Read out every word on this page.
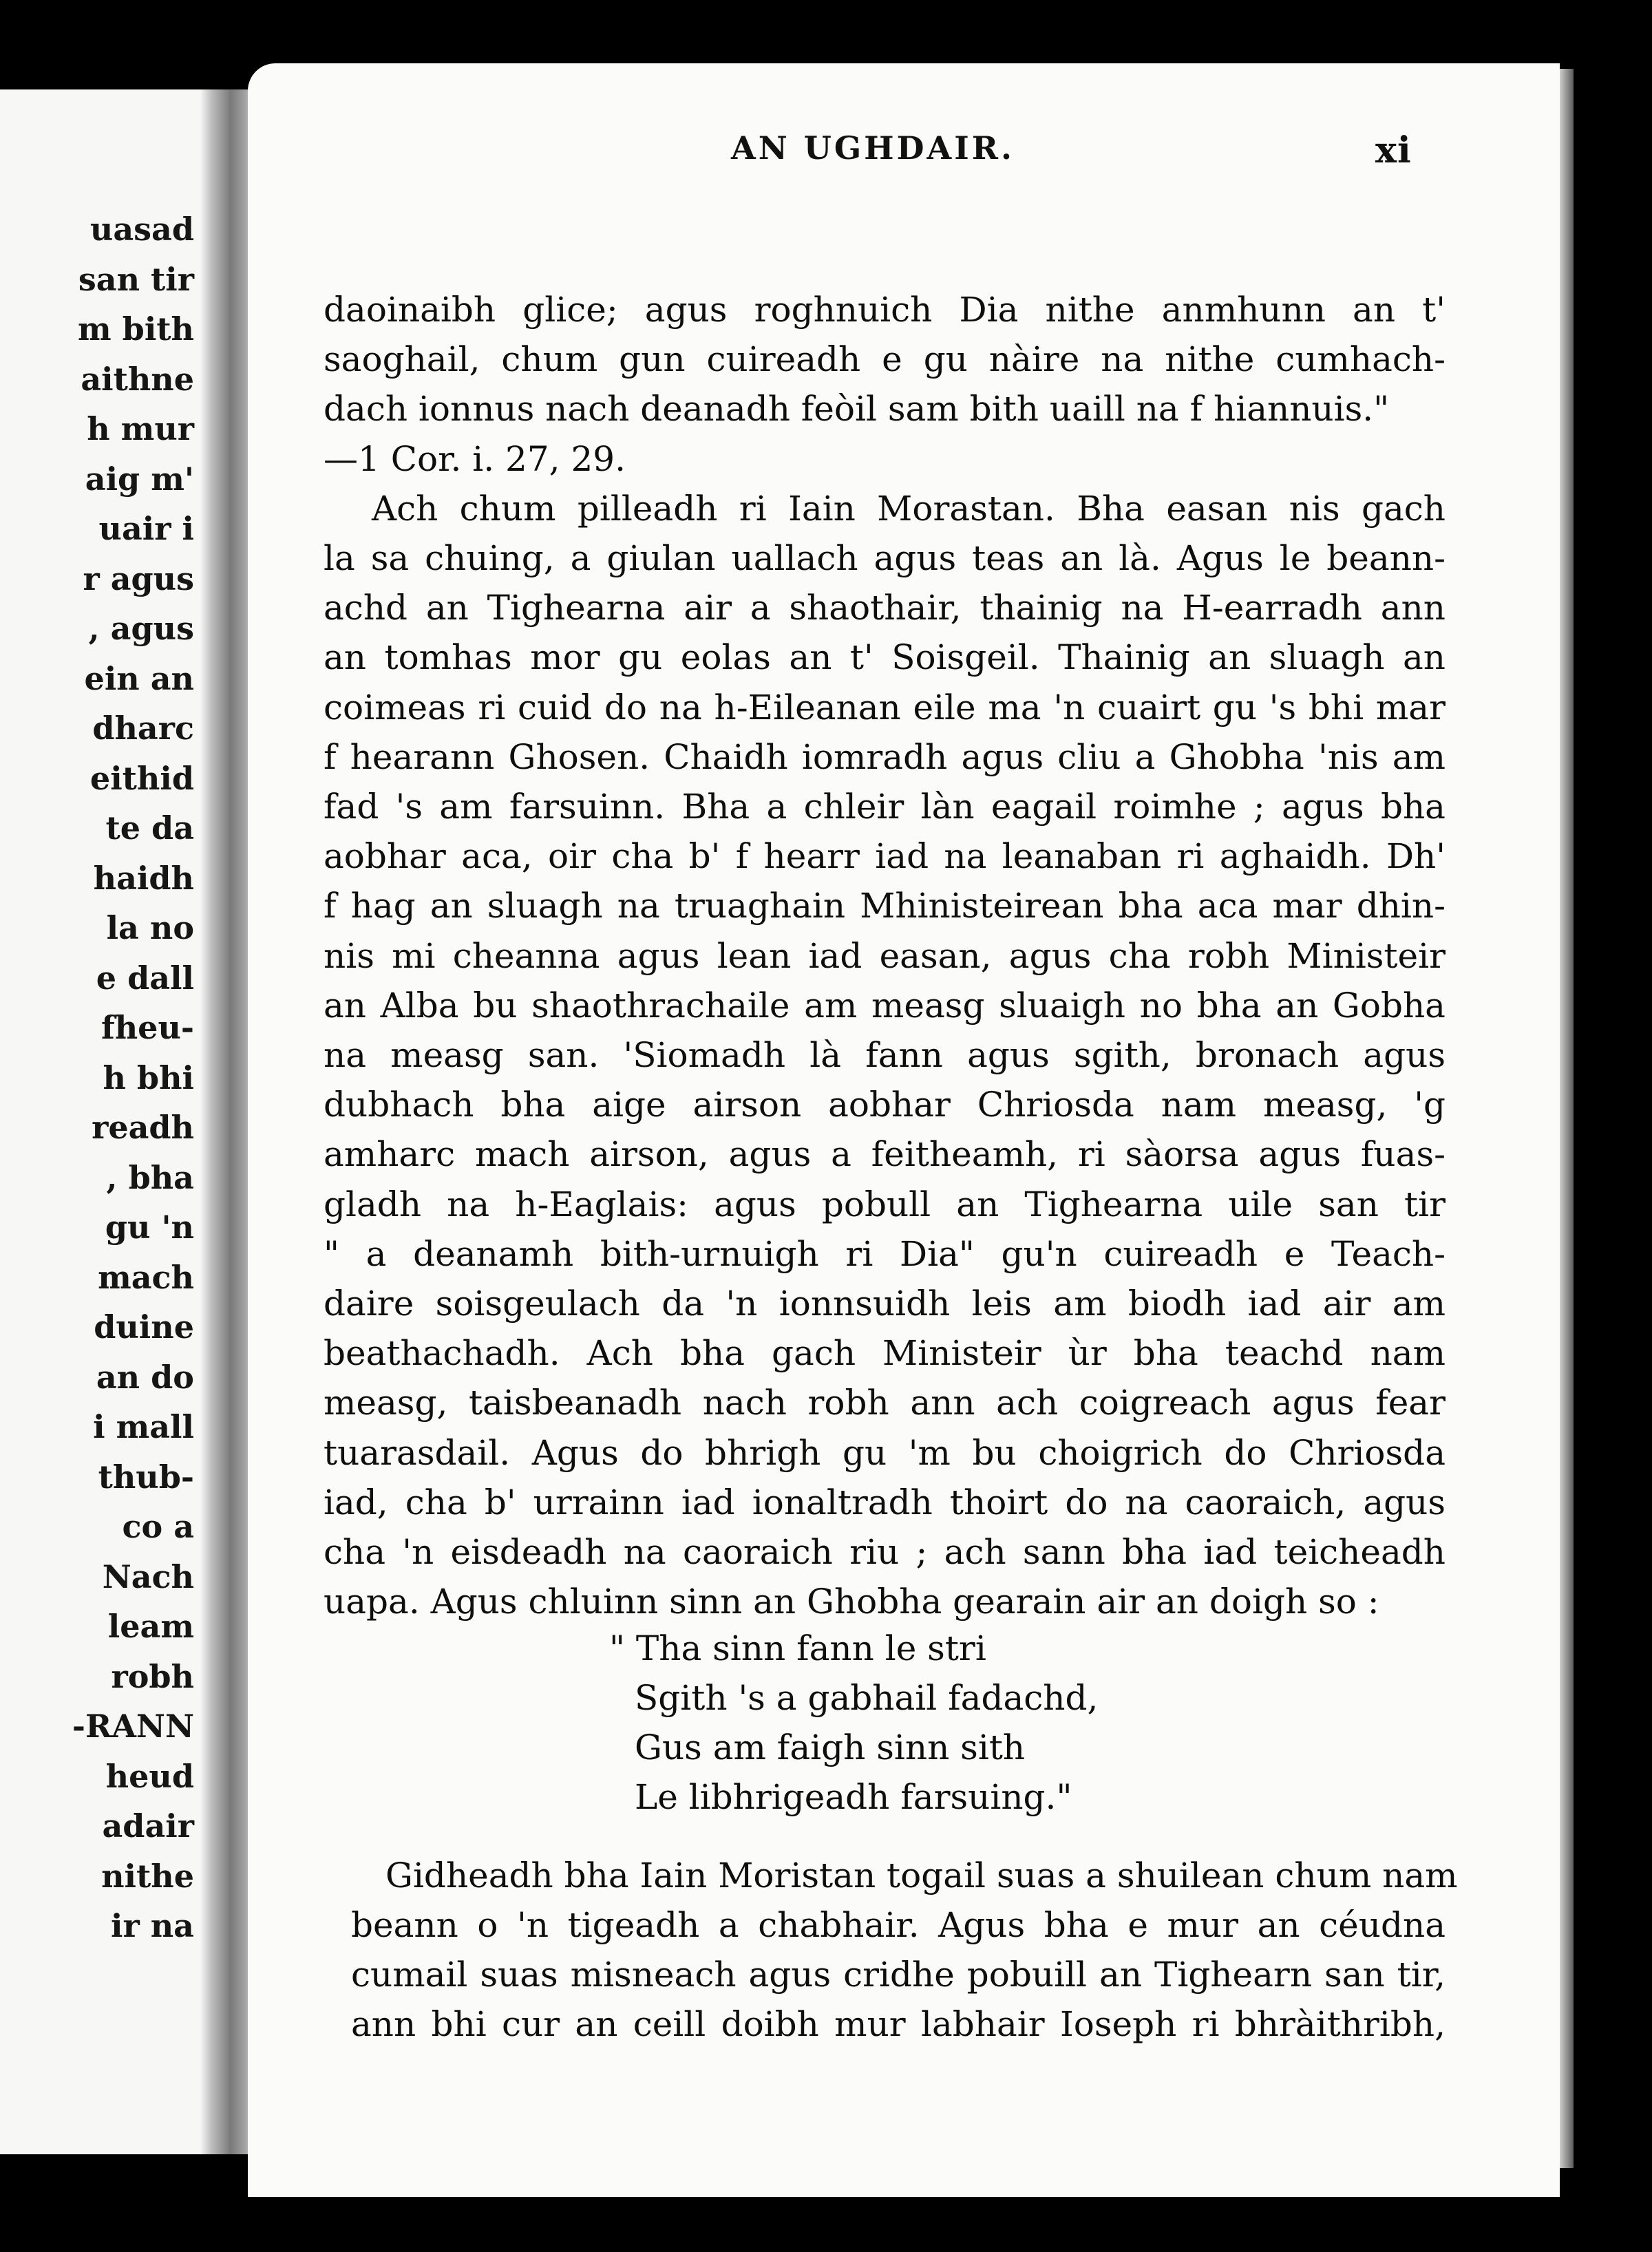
uasad
san tir
m bith
aithne
h mur
aig m'
uair i
r agus
, agus
ein an
dharc
eithid
te da
haidh
la no
e dall
fheu-
h bhi
readh
, bha
gu 'n
mach
duine
an do
i mall
thub-
co a
Nach
leam
robh
-RANN
heud
adair
nithe
ir na
AN UGHDAIR.	xi
daoinaibh glice; agus roghnuich Dia nithe anmhunn an t'
saoghail, chum gun cuireadh e gu nàire na nithe cumhach-
dach ionnus nach deanadh feòil sam bith uaill na f hiannuis."
—1 Cor. i. 27, 29.
Ach chum pilleadh ri Iain Morastan. Bha easan nis gach
la sa chuing, a giulan uallach agus teas an là. Agus le beann-
achd an Tighearna air a shaothair, thainig na H-earradh ann
an tomhas mor gu eolas an t' Soisgeil. Thainig an sluagh an
coimeas ri cuid do na h-Eileanan eile ma 'n cuairt gu 's bhi mar
f hearann Ghosen. Chaidh iomradh agus cliu a Ghobha 'nis am
fad 's am farsuinn. Bha a chleir làn eagail roimhe ; agus bha
aobhar aca, oir cha b' f hearr iad na leanaban ri aghaidh. Dh'
f hag an sluagh na truaghain Mhinisteirean bha aca mar dhin-
nis mi cheanna agus lean iad easan, agus cha robh Ministeir
an Alba bu shaothrachaile am measg sluaigh no bha an Gobha
na measg san. 'Siomadh là fann agus sgith, bronach agus
dubhach bha aige airson aobhar Chriosda nam measg, 'g
amharc mach airson, agus a feitheamh, ri sàorsa agus fuas-
gladh na h-Eaglais: agus pobull an Tighearna uile san tir
" a deanamh bith-urnuigh ri Dia" gu'n cuireadh e Teach-
daire soisgeulach da 'n ionnsuidh leis am biodh iad air am
beathachadh. Ach bha gach Ministeir ùr bha teachd nam
measg, taisbeanadh nach robh ann ach coigreach agus fear
tuarasdail. Agus do bhrigh gu 'm bu choigrich do Chriosda
iad, cha b' urrainn iad ionaltradh thoirt do na caoraich, agus
cha 'n eisdeadh na caoraich riu ; ach sann bha iad teicheadh
uapa. Agus chluinn sinn an Ghobha gearain air an doigh so :
" Tha sinn fann le stri
Sgith 's a gabhail fadachd,
Gus am faigh sinn sith
Le libhrigeadh farsuing."
Gidheadh bha Iain Moristan togail suas a shuilean chum nam
beann o 'n tigeadh a chabhair. Agus bha e mur an céudna
cumail suas misneach agus cridhe pobuill an Tighearn san tir,
ann bhi cur an ceill doibh mur labhair Ioseph ri bhràithribh,
